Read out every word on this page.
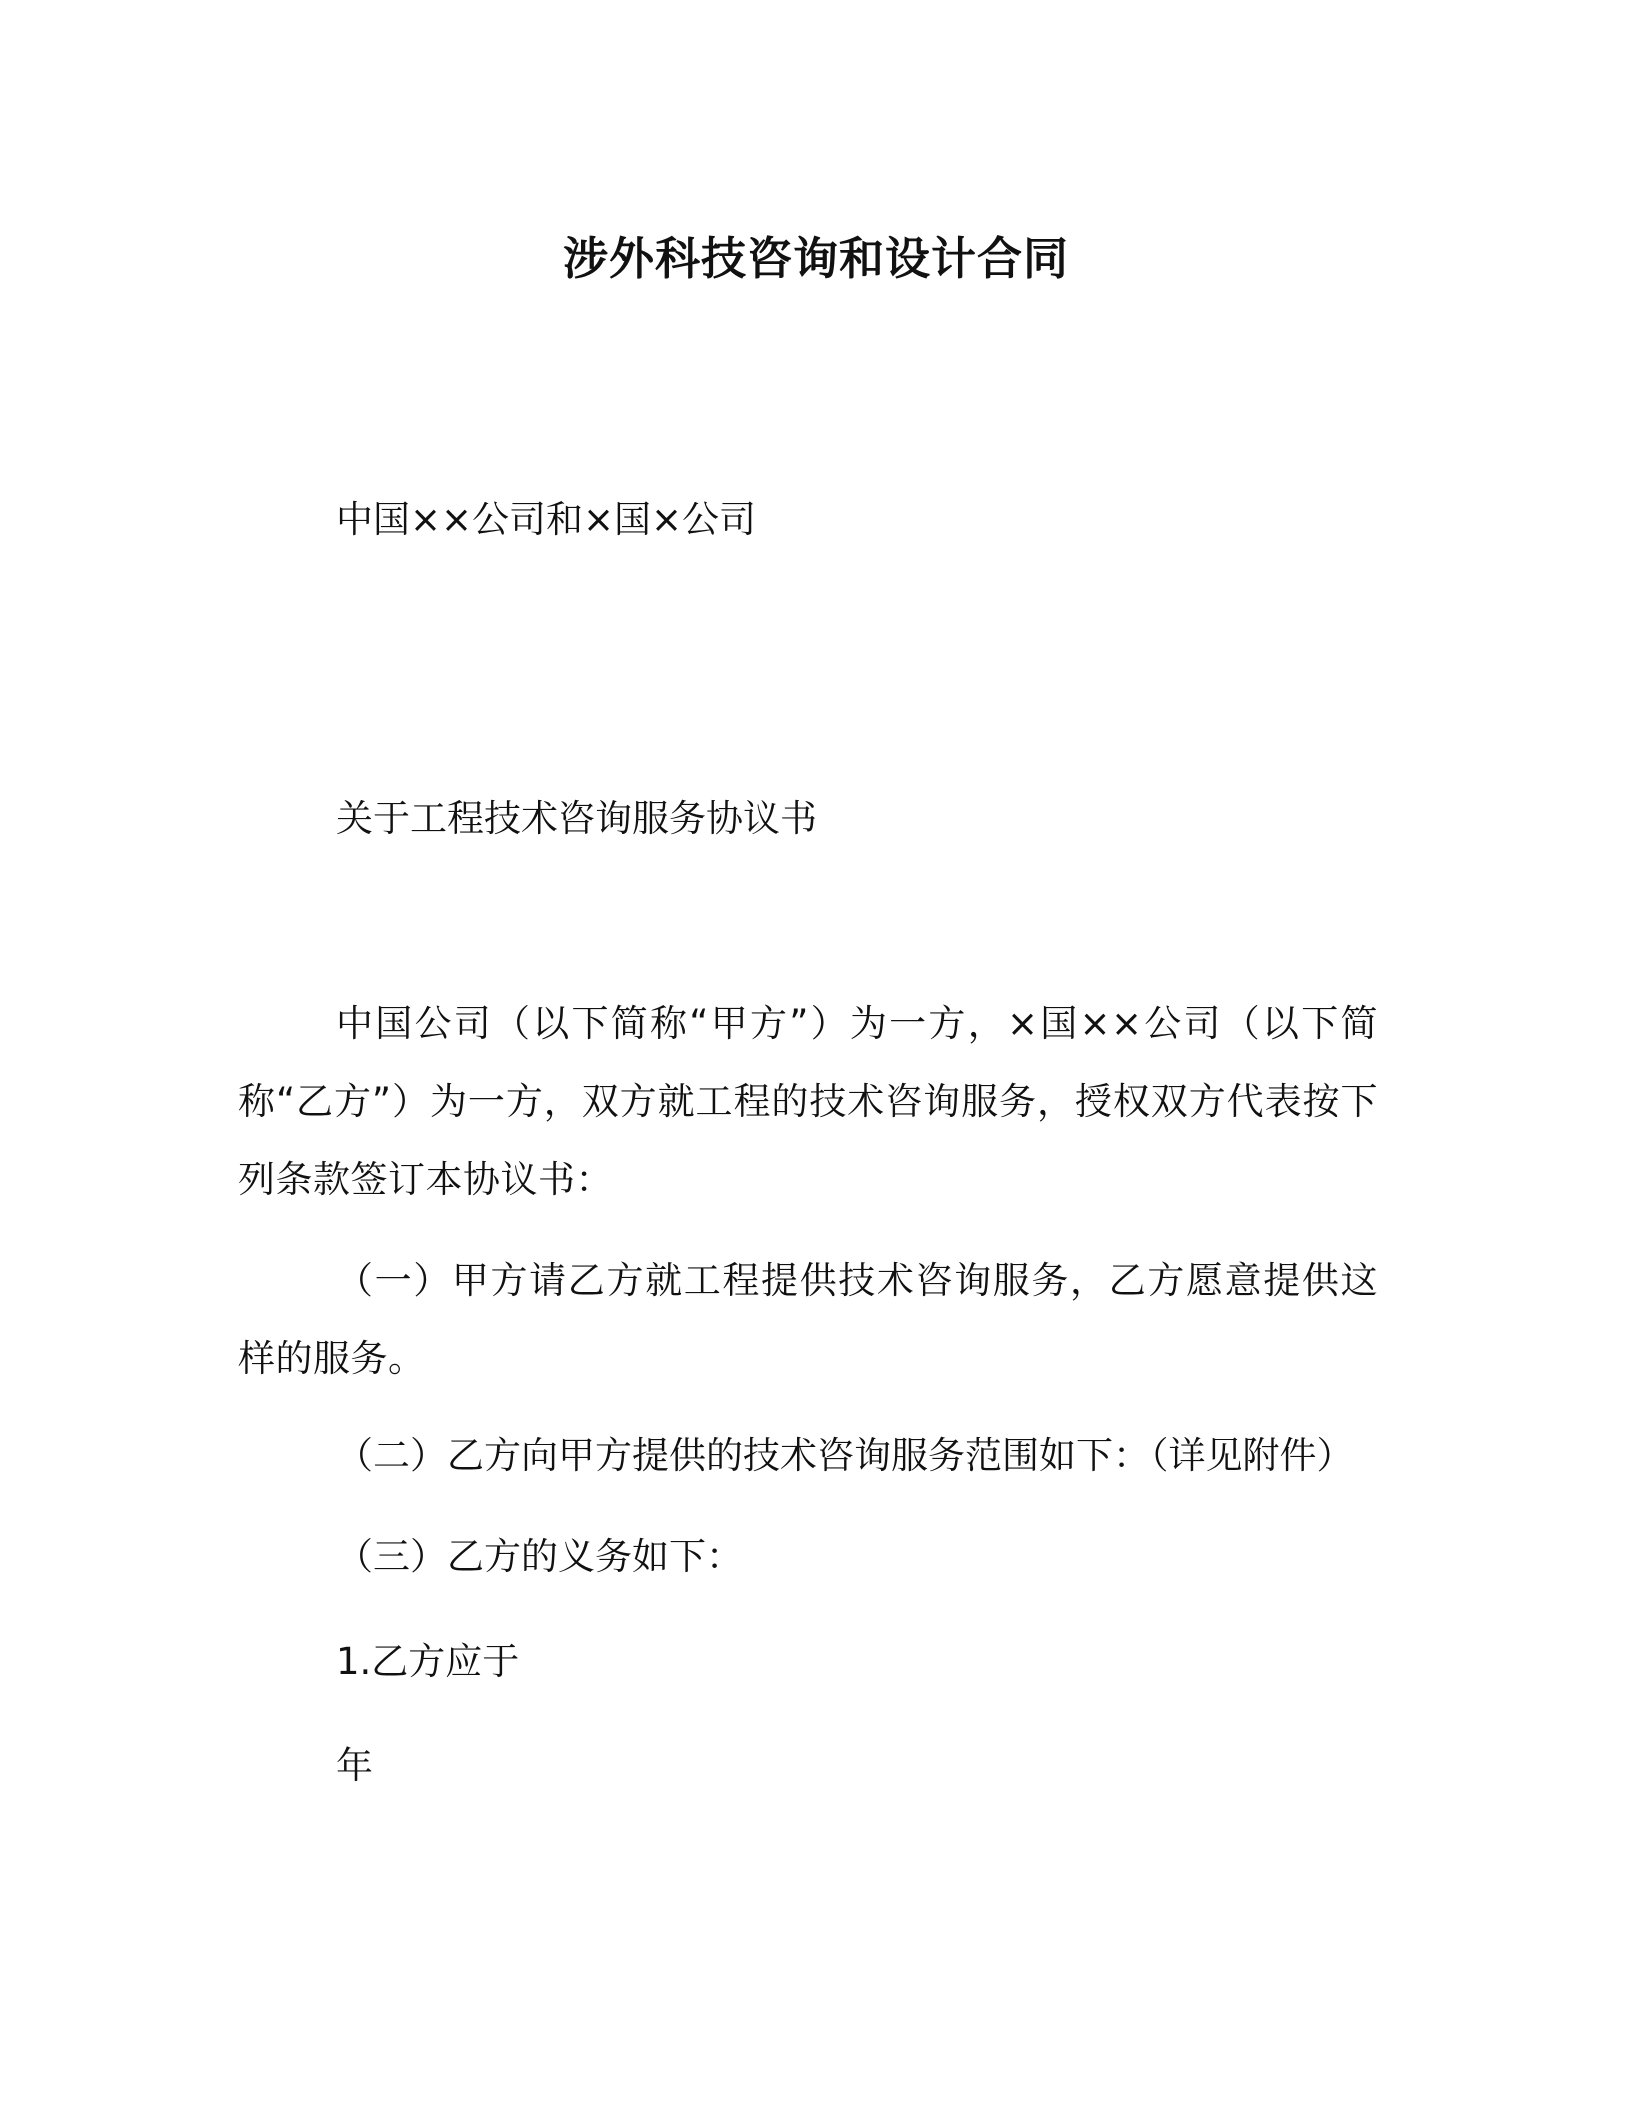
涉外科技咨询和设计合同
中国××公司和×国×公司
关于工程技术咨询服务协议书
中国公司（以下简称“甲方”）为一方，×国××公司（以下简称“乙方”）为一方，双方就工程的技术咨询服务，授权双方代表按下列条款签订本协议书：
（一）甲方请乙方就工程提供技术咨询服务，乙方愿意提供这样的服务。
（二）乙方向甲方提供的技术咨询服务范围如下：（详见附件）
（三）乙方的义务如下：
1.乙方应于
年
